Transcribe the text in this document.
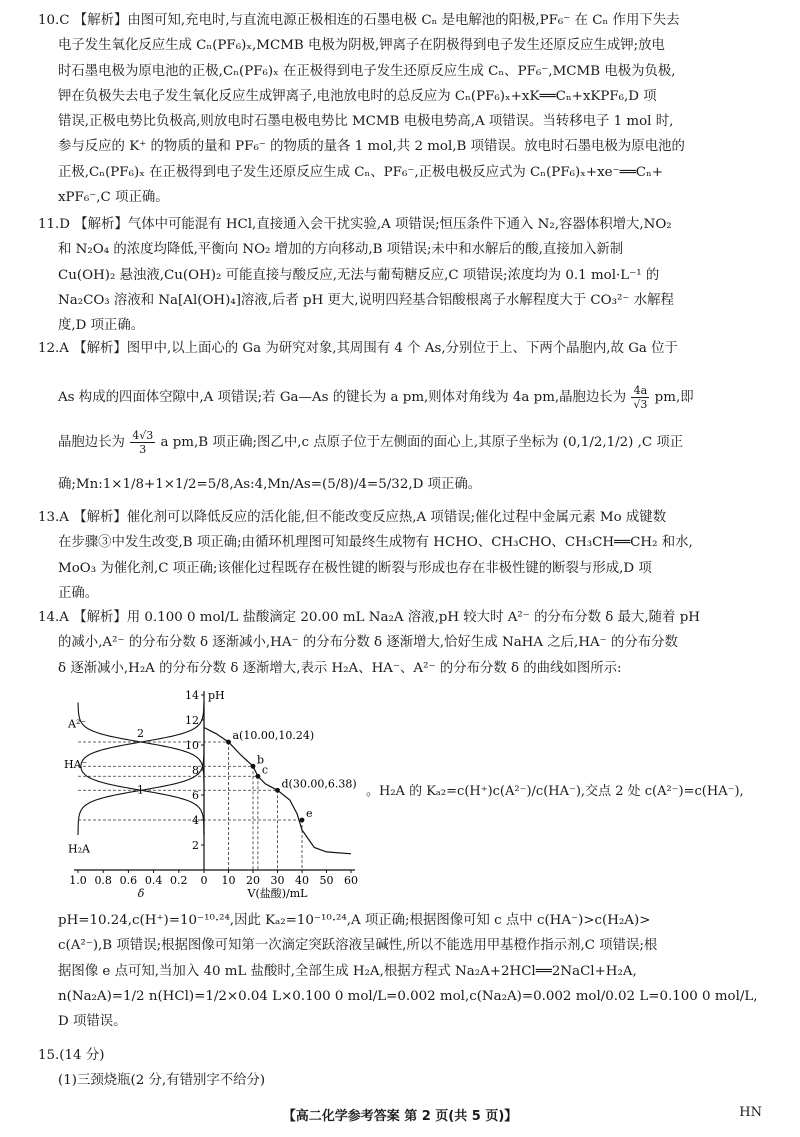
10.C 【解析】由图可知,充电时,与直流电源正极相连的石墨电极 Cₙ 是电解池的阳极,PF₆⁻ 在 Cₙ 作用下失去
电子发生氧化反应生成 Cₙ(PF₆)ₓ,MCMB 电极为阴极,钾离子在阴极得到电子发生还原反应生成钾;放电
时石墨电极为原电池的正极,Cₙ(PF₆)ₓ 在正极得到电子发生还原反应生成 Cₙ、PF₆⁻,MCMB 电极为负极,
钾在负极失去电子发生氧化反应生成钾离子,电池放电时的总反应为 Cₙ(PF₆)ₓ+xK══Cₙ+xKPF₆,D 项
错误,正极电势比负极高,则放电时石墨电极电势比 MCMB 电极电势高,A 项错误。当转移电子 1 mol 时,
参与反应的 K⁺ 的物质的量和 PF₆⁻ 的物质的量各 1 mol,共 2 mol,B 项错误。放电时石墨电极为原电池的
正极,Cₙ(PF₆)ₓ 在正极得到电子发生还原反应生成 Cₙ、PF₆⁻,正极电极反应式为 Cₙ(PF₆)ₓ+xe⁻══Cₙ+
xPF₆⁻,C 项正确。
11.D 【解析】气体中可能混有 HCl,直接通入会干扰实验,A 项错误;恒压条件下通入 N₂,容器体积增大,NO₂
和 N₂O₄ 的浓度均降低,平衡向 NO₂ 增加的方向移动,B 项错误;未中和水解后的酸,直接加入新制
Cu(OH)₂ 悬浊液,Cu(OH)₂ 可能直接与酸反应,无法与葡萄糖反应,C 项错误;浓度均为 0.1 mol·L⁻¹ 的
Na₂CO₃ 溶液和 Na[Al(OH)₄]溶液,后者 pH 更大,说明四羟基合铝酸根离子水解程度大于 CO₃²⁻ 水解程
度,D 项正确。
12.A 【解析】图甲中,以上面心的 Ga 为研究对象,其周围有 4 个 As,分别位于上、下两个晶胞内,故 Ga 位于
As 构成的四面体空隙中,A 项错误;若 Ga—As 的键长为 a pm,则体对角线为 4a pm,晶胞边长为 $\frac{4a}{√3}$ pm,即
晶胞边长为 $\frac{4√3}{3}$ a pm,B 项正确;图乙中,c 点原子位于左侧面的面心上,其原子坐标为 (0,1/2,1/2) ,C 项正
确;Mn:1×1/8+1×1/2=5/8,As:4,Mn/As=(5/8)/4=5/32,D 项正确。
13.A 【解析】催化剂可以降低反应的活化能,但不能改变反应热,A 项错误;催化过程中金属元素 Mo 成键数
在步骤③中发生改变,B 项正确;由循环机理图可知最终生成物有 HCHO、CH₃CHO、CH₃CH══CH₂ 和水,
MoO₃ 为催化剂,C 项正确;该催化过程既存在极性键的断裂与形成也存在非极性键的断裂与形成,D 项
正确。
14.A 【解析】用 0.100 0 mol/L 盐酸滴定 20.00 mL Na₂A 溶液,pH 较大时 A²⁻ 的分布分数 δ 最大,随着 pH
的减小,A²⁻ 的分布分数 δ 逐渐减小,HA⁻ 的分布分数 δ 逐渐增大,恰好生成 NaHA 之后,HA⁻ 的分布分数
δ 逐渐减小,H₂A 的分布分数 δ 逐渐增大,表示 H₂A、HA⁻、A²⁻ 的分布分数 δ 的曲线如图所示:
pH
2
4
6
8
10
12
14
0 10 20 30 40 50 60
1.0 0.8 0.6 0.4 0.2
δ	V(盐酸)/mL
A²⁻
HA⁻
H₂A
2
1
a(10.00,10.24)
b
c
d(30.00,6.38)
e
。H₂A 的 Kₐ₂=c(H⁺)c(A²⁻)/c(HA⁻),交点 2 处 c(A²⁻)=c(HA⁻),
pH=10.24,c(H⁺)=10⁻¹⁰·²⁴,因此 Kₐ₂=10⁻¹⁰·²⁴,A 项正确;根据图像可知 c 点中 c(HA⁻)>c(H₂A)>
c(A²⁻),B 项错误;根据图像可知第一次滴定突跃溶液呈碱性,所以不能选用甲基橙作指示剂,C 项错误;根
据图像 e 点可知,当加入 40 mL 盐酸时,全部生成 H₂A,根据方程式 Na₂A+2HCl══2NaCl+H₂A,
n(Na₂A)=1/2 n(HCl)=1/2×0.04 L×0.100 0 mol/L=0.002 mol,c(Na₂A)=0.002 mol/0.02 L=0.100 0 mol/L,
D 项错误。
15.(14 分)
(1)三颈烧瓶(2 分,有错别字不给分)
【高二化学参考答案 第 2 页(共 5 页)】	HN
